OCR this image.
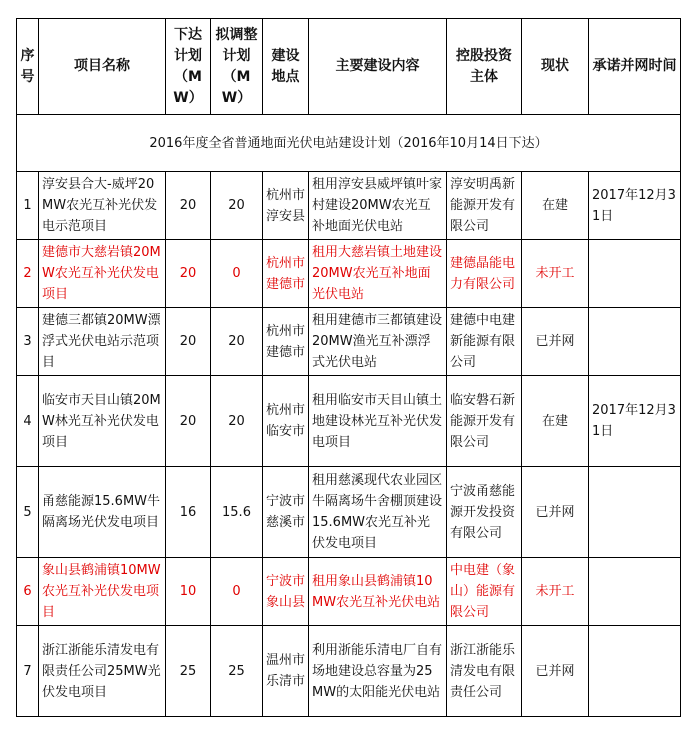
序号	项目名称	下达计划（MW）	拟调整计划（MW）	建设地点	主要建设内容	控股投资主体	现状	承诺并网时间
2016年度全省普通地面光伏电站建设计划（2016年10月14日下达）								
1	淳安县合大-威坪20MW农光互补光伏发电示范项目	20	20	杭州市淳安县	租用淳安县威坪镇叶家村建设20MW农光互补地面光伏电站	淳安明禹新能源开发有限公司	在建	2017年12月31日
2	建德市大慈岩镇20MW农光互补光伏发电项目	20	0	杭州市建德市	租用大慈岩镇土地建设20MW农光互补地面光伏电站	建德晶能电力有限公司	未开工	
3	建德三都镇20MW漂浮式光伏电站示范项目	20	20	杭州市建德市	租用建德市三都镇建设20MW渔光互补漂浮式光伏电站	建德中电建新能源有限公司	已并网	
4	临安市天目山镇20MW林光互补光伏发电项目	20	20	杭州市临安市	租用临安市天目山镇土地建设林光互补光伏发电项目	临安磐石新能源开发有限公司	在建	2017年12月31日
5	甬慈能源15.6MW牛隔离场光伏发电项目	16	15.6	宁波市慈溪市	租用慈溪现代农业园区牛隔离场牛舍棚顶建设15.6MW农光互补光伏发电项目	宁波甬慈能源开发投资有限公司	已并网	
6	象山县鹤浦镇10MW农光互补光伏发电项目	10	0	宁波市象山县	租用象山县鹤浦镇10MW农光互补光伏电站	中电建（象山）能源有限公司	未开工	
7	浙江浙能乐清发电有限责任公司25MW光伏发电项目	25	25	温州市乐清市	利用浙能乐清电厂自有场地建设总容量为25MW的太阳能光伏电站	浙江浙能乐清发电有限责任公司	已并网	
